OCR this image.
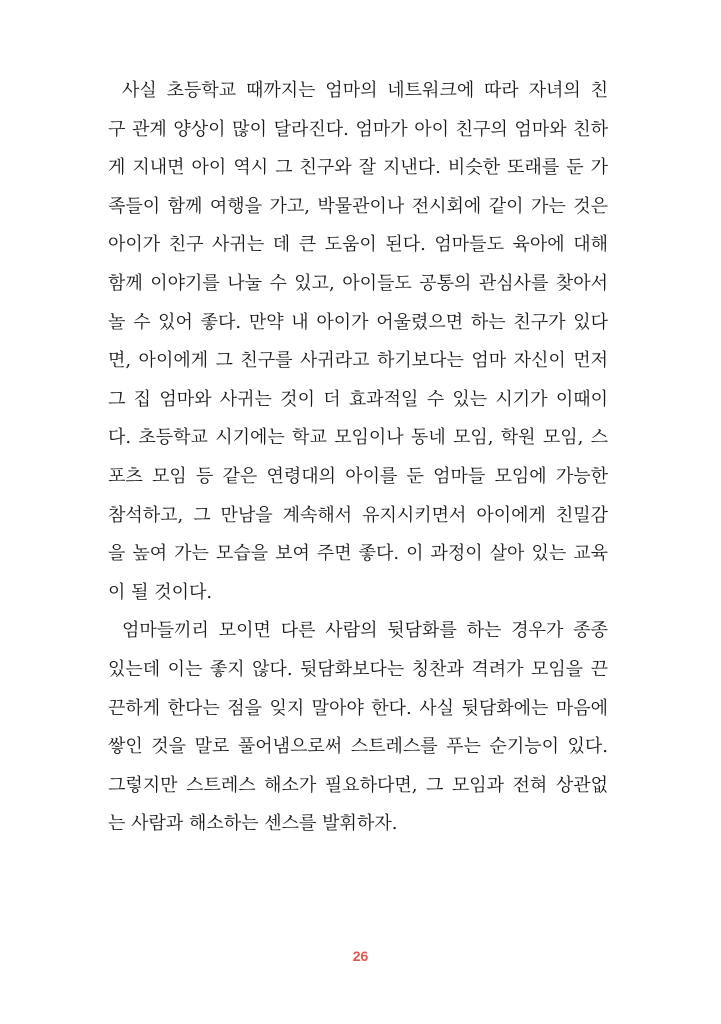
사실 초등학교 때까지는 엄마의 네트워크에 따라 자녀의 친
구 관계 양상이 많이 달라진다. 엄마가 아이 친구의 엄마와 친하
게 지내면 아이 역시 그 친구와 잘 지낸다. 비슷한 또래를 둔 가
족들이 함께 여행을 가고, 박물관이나 전시회에 같이 가는 것은
아이가 친구 사귀는 데 큰 도움이 된다. 엄마들도 육아에 대해
함께 이야기를 나눌 수 있고, 아이들도 공통의 관심사를 찾아서
놀 수 있어 좋다. 만약 내 아이가 어울렸으면 하는 친구가 있다
면, 아이에게 그 친구를 사귀라고 하기보다는 엄마 자신이 먼저
그 집 엄마와 사귀는 것이 더 효과적일 수 있는 시기가 이때이
다. 초등학교 시기에는 학교 모임이나 동네 모임, 학원 모임, 스
포츠 모임 등 같은 연령대의 아이를 둔 엄마들 모임에 가능한
참석하고, 그 만남을 계속해서 유지시키면서 아이에게 친밀감
을 높여 가는 모습을 보여 주면 좋다. 이 과정이 살아 있는 교육
이 될 것이다.
엄마들끼리 모이면 다른 사람의 뒷담화를 하는 경우가 종종
있는데 이는 좋지 않다. 뒷담화보다는 칭찬과 격려가 모임을 끈
끈하게 한다는 점을 잊지 말아야 한다. 사실 뒷담화에는 마음에
쌓인 것을 말로 풀어냄으로써 스트레스를 푸는 순기능이 있다.
그렇지만 스트레스 해소가 필요하다면, 그 모임과 전혀 상관없
는 사람과 해소하는 센스를 발휘하자.
26
